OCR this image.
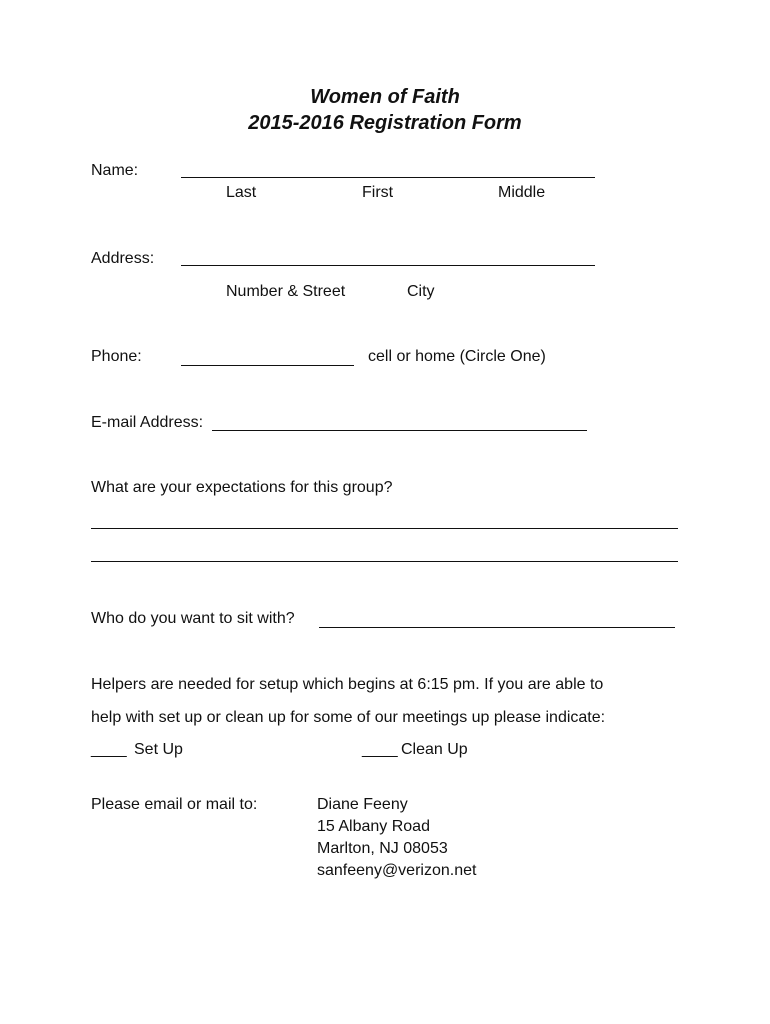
Women of Faith
2015-2016 Registration Form
Name:
Last	First	Middle
Address:
Number & Street	City
Phone:	cell or home (Circle One)
E-mail Address:
What are your expectations for this group?
Who do you want to sit with?
Helpers are needed for setup which begins at 6:15 pm. If you are able to
help with set up or clean up for some of our meetings up please indicate:
____ Set Up	____ Clean Up
Please email or mail to:	Diane Feeny
15 Albany Road
Marlton, NJ 08053
sanfeeny@verizon.net
